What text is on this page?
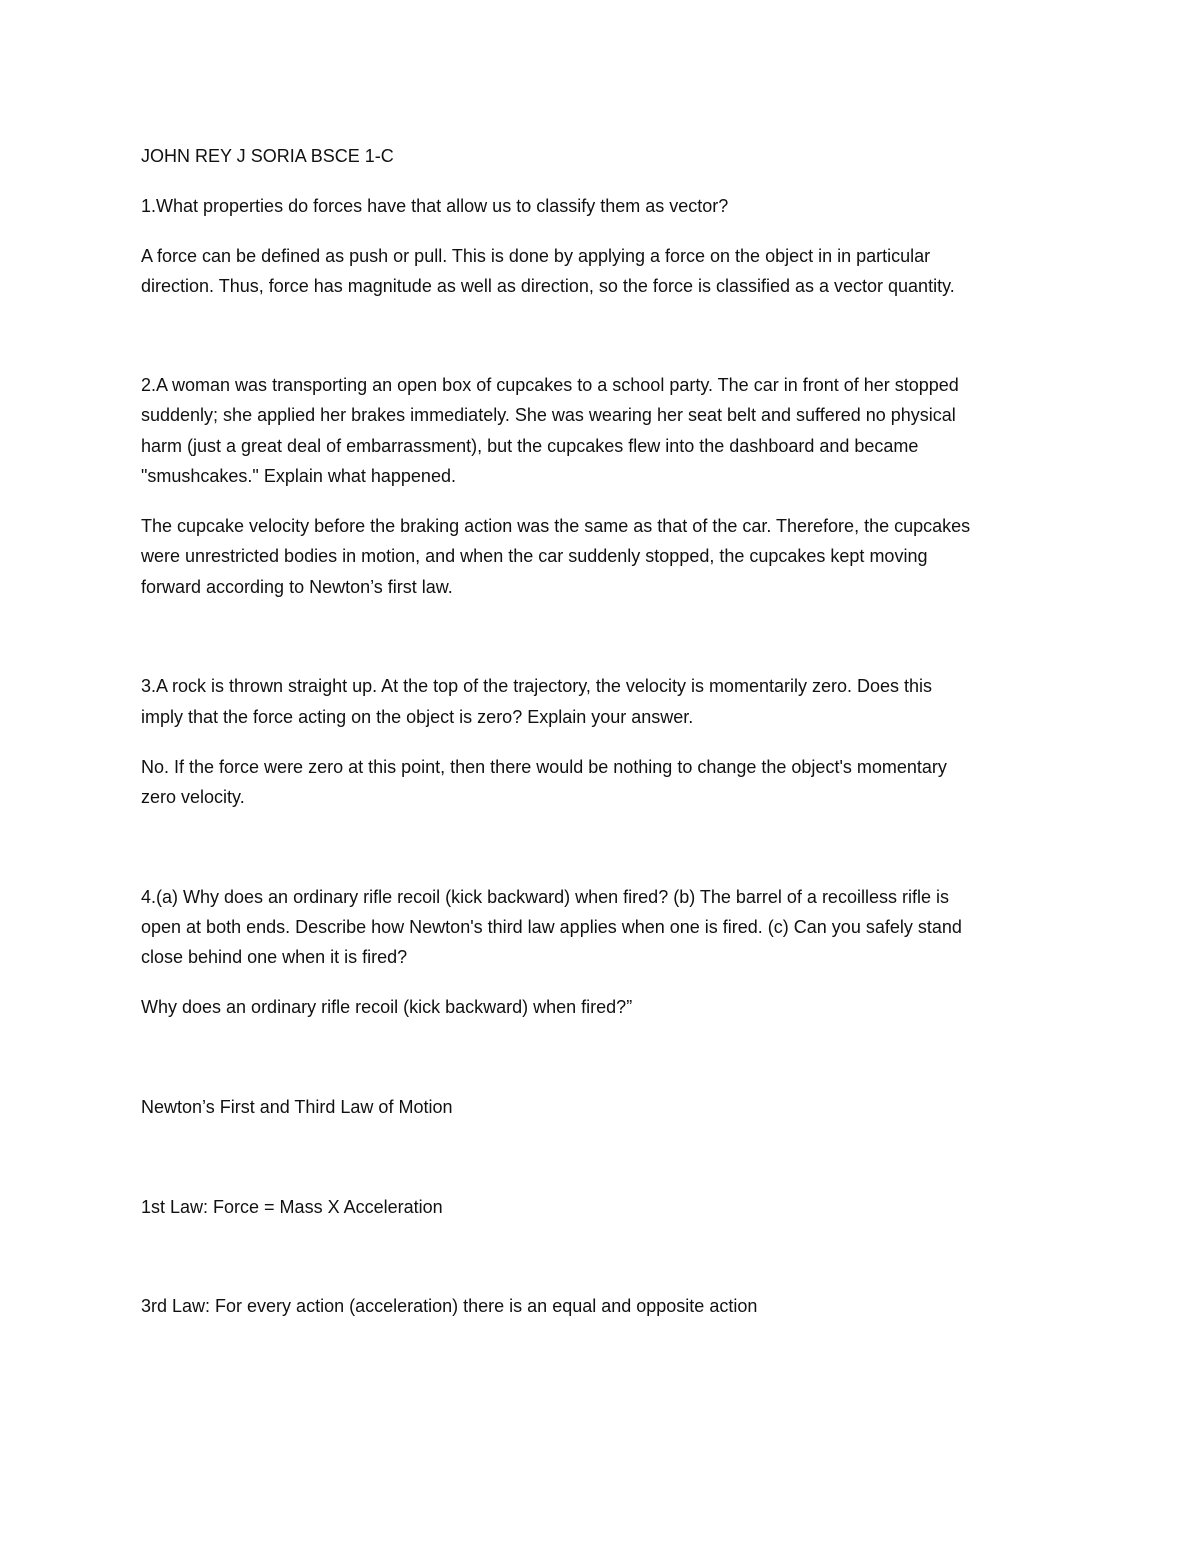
JOHN REY J SORIA BSCE 1-C
1.What properties do forces have that allow us to classify them as vector?
A force can be defined as push or pull. This is done by applying a force on the object in in particular
direction. Thus, force has magnitude as well as direction, so the force is classified as a vector quantity.
2.A woman was transporting an open box of cupcakes to a school party. The car in front of her stopped
suddenly; she applied her brakes immediately. She was wearing her seat belt and suffered no physical
harm (just a great deal of embarrassment), but the cupcakes flew into the dashboard and became
"smushcakes." Explain what happened.
The cupcake velocity before the braking action was the same as that of the car. Therefore, the cupcakes
were unrestricted bodies in motion, and when the car suddenly stopped, the cupcakes kept moving
forward according to Newton’s first law.
3.A rock is thrown straight up. At the top of the trajectory, the velocity is momentarily zero. Does this
imply that the force acting on the object is zero? Explain your answer.
No. If the force were zero at this point, then there would be nothing to change the object's momentary
zero velocity.
4.(a) Why does an ordinary rifle recoil (kick backward) when fired? (b) The barrel of a recoilless rifle is
open at both ends. Describe how Newton's third law applies when one is fired. (c) Can you safely stand
close behind one when it is fired?
Why does an ordinary rifle recoil (kick backward) when fired?”
Newton’s First and Third Law of Motion
1st Law: Force = Mass X Acceleration
3rd Law: For every action (acceleration) there is an equal and opposite action
